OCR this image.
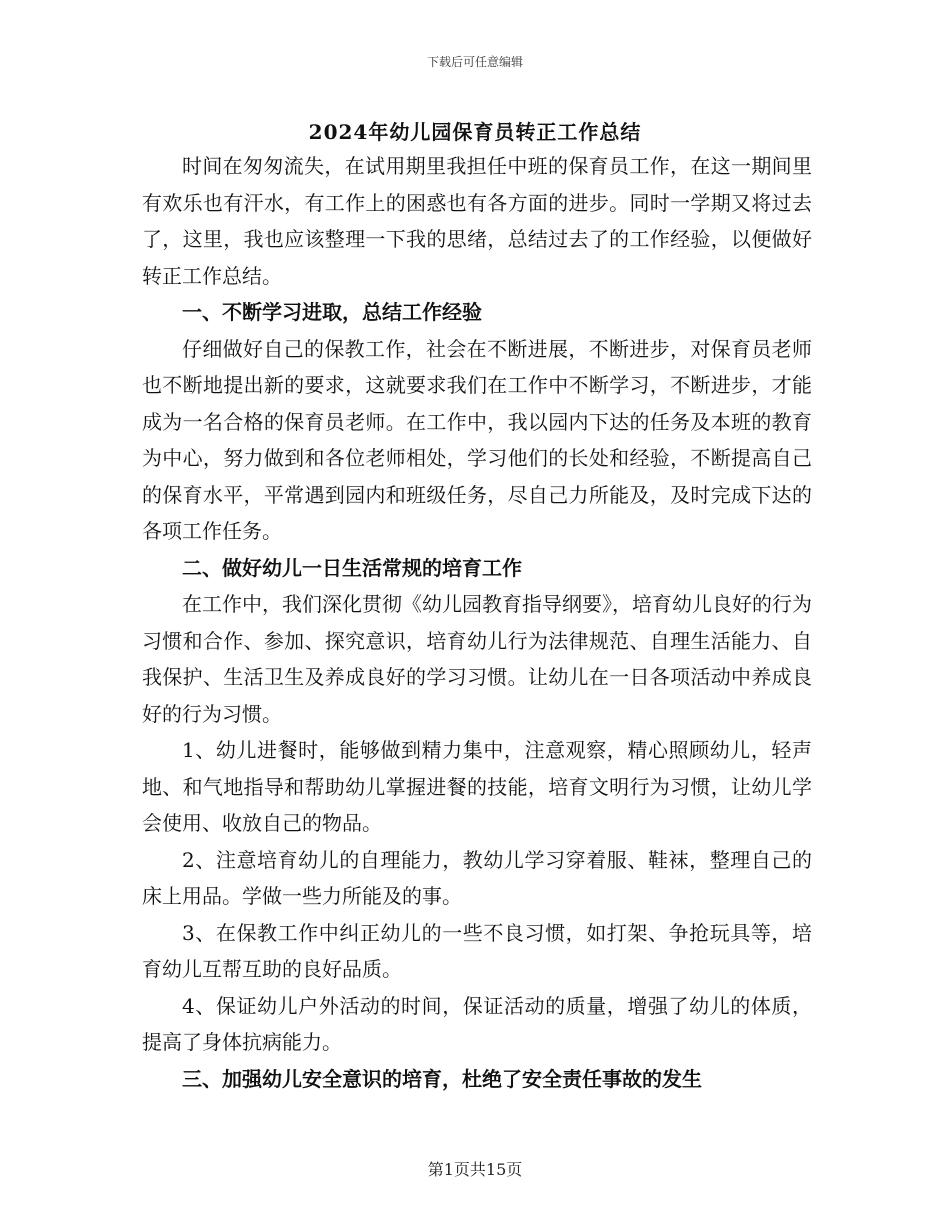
下载后可任意编辑
2024年幼儿园保育员转正工作总结

时间在匆匆流失，在试用期里我担任中班的保育员工作，在这一期间里有欢乐也有汗水，有工作上的困惑也有各方面的进步。同时一学期又将过去了，这里，我也应该整理一下我的思绪，总结过去了的工作经验，以便做好转正工作总结。

一、不断学习进取，总结工作经验

仔细做好自己的保教工作，社会在不断进展，不断进步，对保育员老师也不断地提出新的要求，这就要求我们在工作中不断学习，不断进步，才能成为一名合格的保育员老师。在工作中，我以园内下达的任务及本班的教育为中心，努力做到和各位老师相处，学习他们的长处和经验，不断提高自己的保育水平，平常遇到园内和班级任务，尽自己力所能及，及时完成下达的各项工作任务。

二、做好幼儿一日生活常规的培育工作

在工作中，我们深化贯彻《幼儿园教育指导纲要》，培育幼儿良好的行为习惯和合作、参加、探究意识，培育幼儿行为法律规范、自理生活能力、自我保护、生活卫生及养成良好的学习习惯。让幼儿在一日各项活动中养成良好的行为习惯。

1、幼儿进餐时，能够做到精力集中，注意观察，精心照顾幼儿，轻声地、和气地指导和帮助幼儿掌握进餐的技能，培育文明行为习惯，让幼儿学会使用、收放自己的物品。

2、注意培育幼儿的自理能力，教幼儿学习穿着服、鞋袜，整理自己的床上用品。学做一些力所能及的事。

3、在保教工作中纠正幼儿的一些不良习惯，如打架、争抢玩具等，培育幼儿互帮互助的良好品质。

4、保证幼儿户外活动的时间，保证活动的质量，增强了幼儿的体质，提高了身体抗病能力。

三、加强幼儿安全意识的培育，杜绝了安全责任事故的发生

第1页共15页
